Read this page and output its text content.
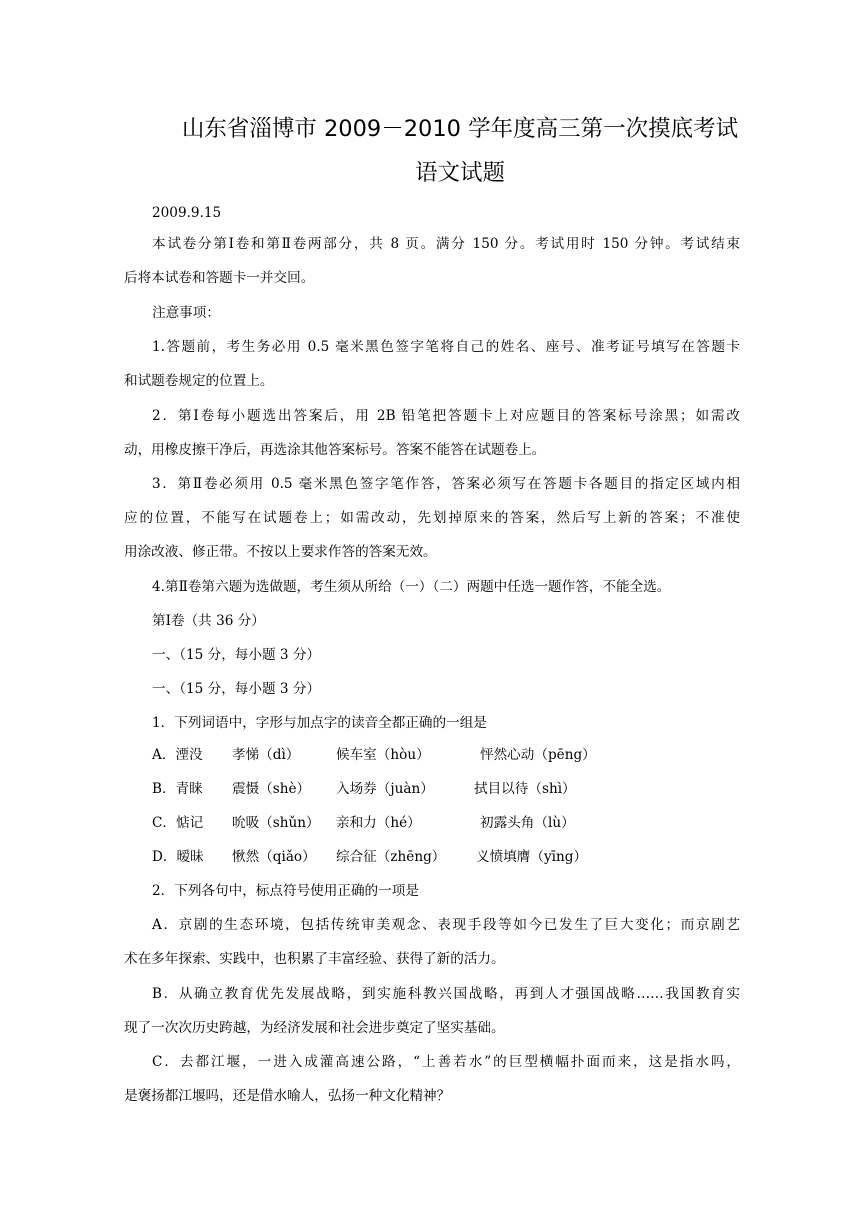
山东省淄博市 2009－2010 学年度高三第一次摸底考试
语文试题
2009.9.15
本试卷分第Ⅰ卷和第Ⅱ卷两部分，共 8 页。满分 150 分。考试用时 150 分钟。考试结束
后将本试卷和答题卡一并交回。
注意事项：
1.答题前，考生务必用 0.5 毫米黑色签字笔将自己的姓名、座号、准考证号填写在答题卡
和试题卷规定的位置上。
2．第Ⅰ卷每小题选出答案后，用 2B 铅笔把答题卡上对应题目的答案标号涂黑；如需改
动，用橡皮擦干净后，再选涂其他答案标号。答案不能答在试题卷上。
3．第Ⅱ卷必须用 0.5 毫米黑色签字笔作答，答案必须写在答题卡各题目的指定区域内相
应的位置，不能写在试题卷上；如需改动，先划掉原来的答案，然后写上新的答案；不准使
用涂改液、修正带。不按以上要求作答的答案无效。
4.第Ⅱ卷第六题为选做题，考生须从所给（一）（二）两题中任选一题作答，不能全选。
第Ⅰ卷（共 36 分）
一、（15 分，每小题 3 分）
一、（15 分，每小题 3 分）
1．下列词语中，字形与加点字的读音全都正确的一组是
A．湮没 孝悌（dì）	候车室（hòu）	怦然心动（pēng）
B．青睐 震慑（shè） 入场券（juàn）	拭目以待（shì）
C．惦记 吮吸（shǔn） 亲和力（hé）	初露头角（lù）
D．暧昧 愀然（qiǎo） 综合征（zhēng） 义愤填膺（yīng）
2．下列各句中，标点符号使用正确的一项是
A．京剧的生态环境，包括传统审美观念、表现手段等如今已发生了巨大变化；而京剧艺
术在多年探索、实践中，也积累了丰富经验、获得了新的活力。
B．从确立教育优先发展战略，到实施科教兴国战略，再到人才强国战略……我国教育实
现了一次次历史跨越，为经济发展和社会进步奠定了坚实基础。
C．去都江堰，一进入成灌高速公路，“上善若水”的巨型横幅扑面而来，这是指水吗，
是褒扬都江堰吗，还是借水喻人，弘扬一种文化精神？
